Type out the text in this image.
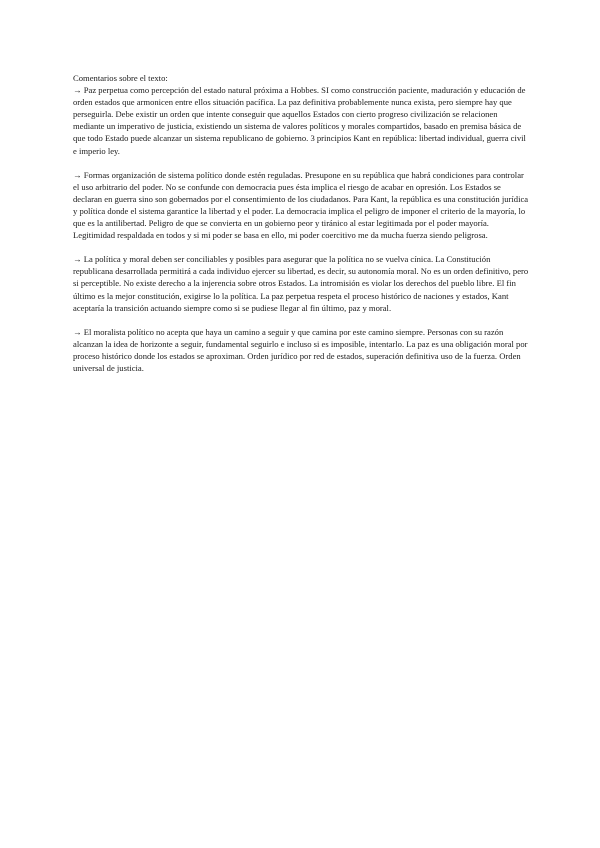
Comentarios sobre el texto:

→ Paz perpetua como percepción del estado natural próxima a Hobbes. SI como construcción paciente, maduración y educación de orden estados que armonicen entre ellos situación pacífica. La paz definitiva probablemente nunca exista, pero siempre hay que perseguirla. Debe existir un orden que intente conseguir que aquellos Estados con cierto progreso civilización se relacionen mediante un imperativo de justicia, existiendo un sistema de valores políticos y morales compartidos, basado en premisa básica de que todo Estado puede alcanzar un sistema republicano de gobierno. 3 principios Kant en república: libertad individual, guerra civil e imperio ley.

→ Formas organización de sistema político donde estén reguladas. Presupone en su república que habrá condiciones para controlar el uso arbitrario del poder. No se confunde con democracia pues ésta implica el riesgo de acabar en opresión. Los Estados se declaran en guerra sino son gobernados por el consentimiento de los ciudadanos. Para Kant, la república es una constitución jurídica y política donde el sistema garantice la libertad y el poder. La democracia implica el peligro de imponer el criterio de la mayoría, lo que es la antilibertad. Peligro de que se convierta en un gobierno peor y tiránico al estar legitimada por el poder mayoría. Legitimidad respaldada en todos y si mi poder se basa en ello, mi poder coercitivo me da mucha fuerza siendo peligrosa.

→ La política y moral deben ser conciliables y posibles para asegurar que la política no se vuelva cínica. La Constitución republicana desarrollada permitirá a cada individuo ejercer su libertad, es decir, su autonomía moral. No es un orden definitivo, pero si perceptible. No existe derecho a la injerencia sobre otros Estados. La intromisión es violar los derechos del pueblo libre. El fin último es la mejor constitución, exigirse lo la política. La paz perpetua respeta el proceso histórico de naciones y estados, Kant aceptaría la transición actuando siempre como si se pudiese llegar al fin último, paz y moral.

→ El moralista político no acepta que haya un camino a seguir y que camina por este camino siempre. Personas con su razón alcanzan la idea de horizonte a seguir, fundamental seguirlo e incluso si es imposible, intentarlo. La paz es una obligación moral por proceso histórico donde los estados se aproximan. Orden jurídico por red de estados, superación definitiva uso de la fuerza. Orden universal de justicia.
